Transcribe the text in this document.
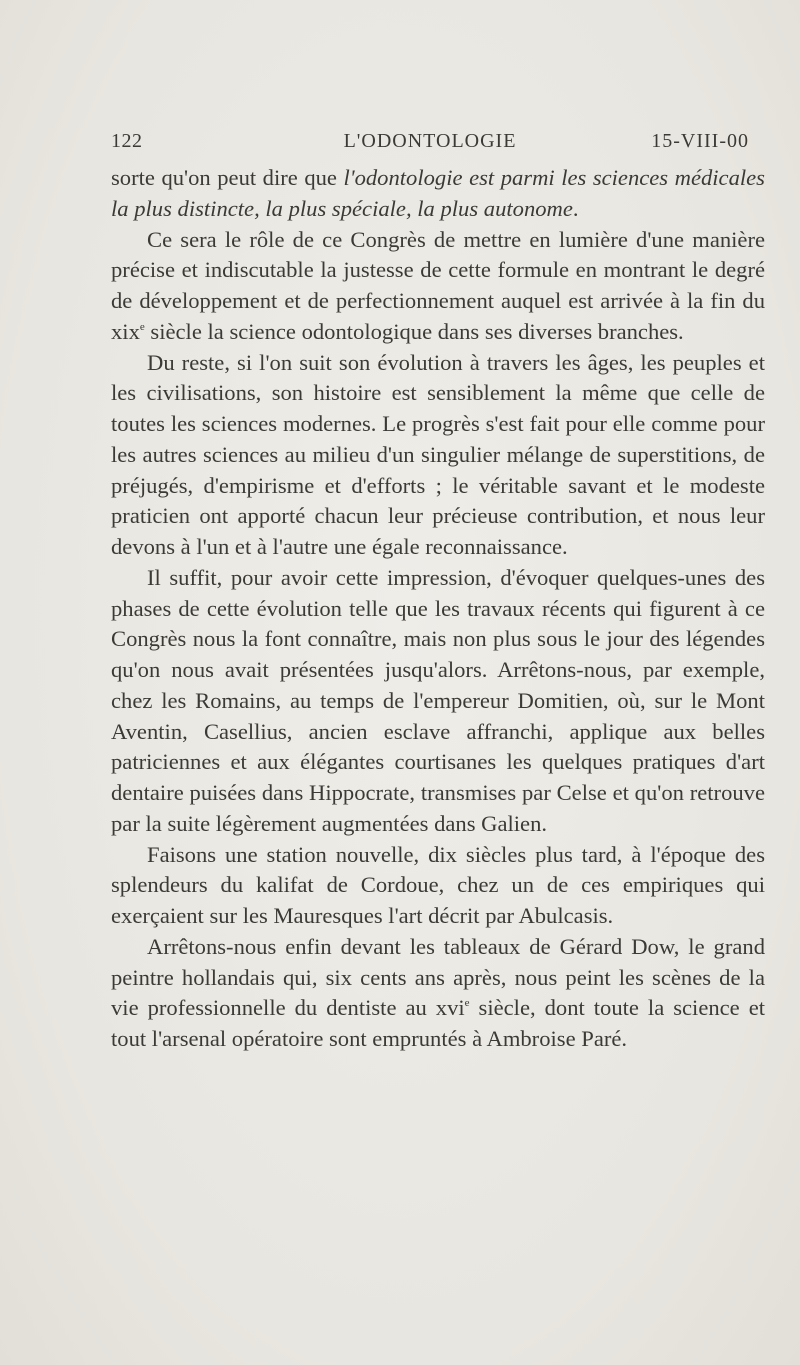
122	L'ODONTOLOGIE	15-VIII-00

sorte qu'on peut dire que l'odontologie est parmi les sciences médicales la plus distincte, la plus spéciale, la plus autonome.

Ce sera le rôle de ce Congrès de mettre en lumière d'une manière précise et indiscutable la justesse de cette formule en montrant le degré de développement et de perfectionnement auquel est arrivée à la fin du xix$^e$ siècle la science odontologique dans ses diverses branches.

Du reste, si l'on suit son évolution à travers les âges, les peuples et les civilisations, son histoire est sensiblement la même que celle de toutes les sciences modernes. Le progrès s'est fait pour elle comme pour les autres sciences au milieu d'un singulier mélange de superstitions, de préjugés, d'empirisme et d'efforts ; le véritable savant et le modeste praticien ont apporté chacun leur précieuse contribution, et nous leur devons à l'un et à l'autre une égale reconnaissance.

Il suffit, pour avoir cette impression, d'évoquer quelques-unes des phases de cette évolution telle que les travaux récents qui figurent à ce Congrès nous la font connaître, mais non plus sous le jour des légendes qu'on nous avait présentées jusqu'alors. Arrêtons-nous, par exemple, chez les Romains, au temps de l'empereur Domitien, où, sur le Mont Aventin, Casellius, ancien esclave affranchi, applique aux belles patriciennes et aux élégantes courtisanes les quelques pratiques d'art dentaire puisées dans Hippocrate, transmises par Celse et qu'on retrouve par la suite légèrement augmentées dans Galien.

Faisons une station nouvelle, dix siècles plus tard, à l'époque des splendeurs du kalifat de Cordoue, chez un de ces empiriques qui exerçaient sur les Mauresques l'art décrit par Abulcasis.

Arrêtons-nous enfin devant les tableaux de Gérard Dow, le grand peintre hollandais qui, six cents ans après, nous peint les scènes de la vie professionnelle du dentiste au xvi$^e$ siècle, dont toute la science et tout l'arsenal opératoire sont empruntés à Ambroise Paré.
